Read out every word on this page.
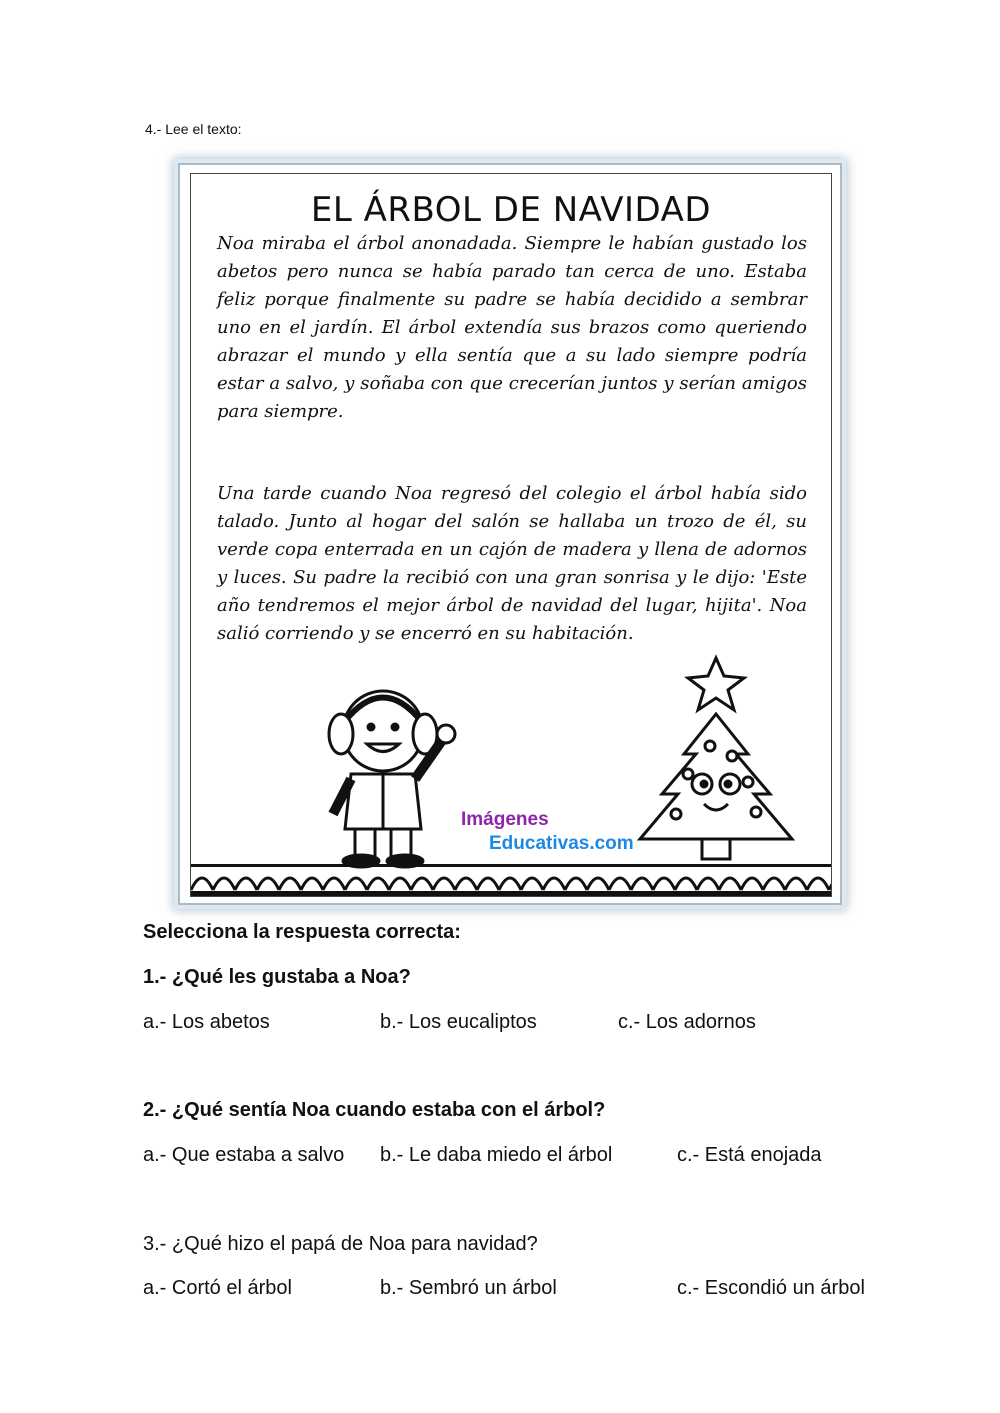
4.- Lee el texto:
EL ÁRBOL DE NAVIDAD

Noa miraba el árbol anonadada. Siempre le habían gustado los abetos pero nunca se había parado tan cerca de uno. Estaba feliz porque finalmente su padre se había decidido a sembrar uno en el jardín. El árbol extendía sus brazos como queriendo abrazar el mundo y ella sentía que a su lado siempre podría estar a salvo, y soñaba con que crecerían juntos y serían amigos para siempre.

Una tarde cuando Noa regresó del colegio el árbol había sido talado. Junto al hogar del salón se hallaba un trozo de él, su verde copa enterrada en un cajón de madera y llena de adornos y luces. Su padre la recibió con una gran sonrisa y le dijo: 'Este año tendremos el mejor árbol de navidad del lugar, hijita'. Noa salió corriendo y se encerró en su habitación.

Imágenes
Educativas.com
Selecciona la respuesta correcta:
1.- ¿Qué les gustaba a Noa?
a.- Los abetos	b.- Los eucaliptos	c.- Los adornos
2.- ¿Qué sentía Noa cuando estaba con el árbol?
a.- Que estaba a salvo b.- Le daba miedo el árbol	c.- Está enojada
3.- ¿Qué hizo el papá de Noa para navidad?
a.- Cortó el árbol	b.- Sembró un árbol	c.- Escondió un árbol
